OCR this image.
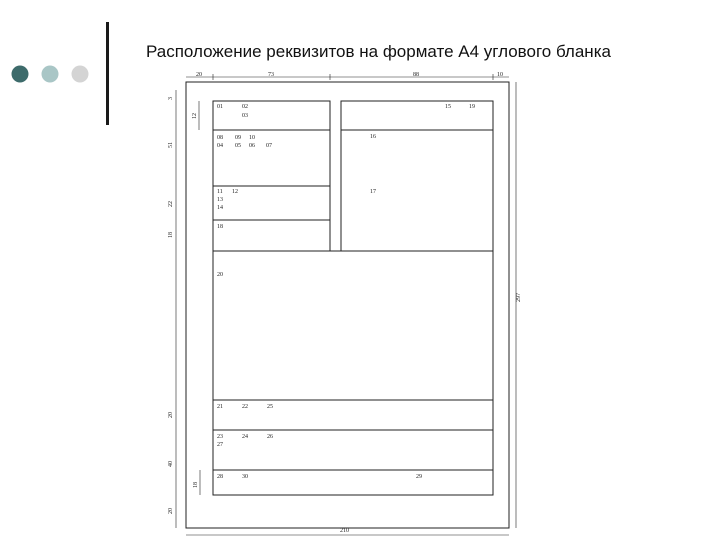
Расположение реквизитов на формате А4 углового бланка
20	73	88	10
3
12
51
22
18
20
40
18
20
297
210
01	02
03
08 09 10
04 05 06 07
11 12
13
14
18
15	19
16
17
20
21	22	25
23	24	26
27
28	30	29
